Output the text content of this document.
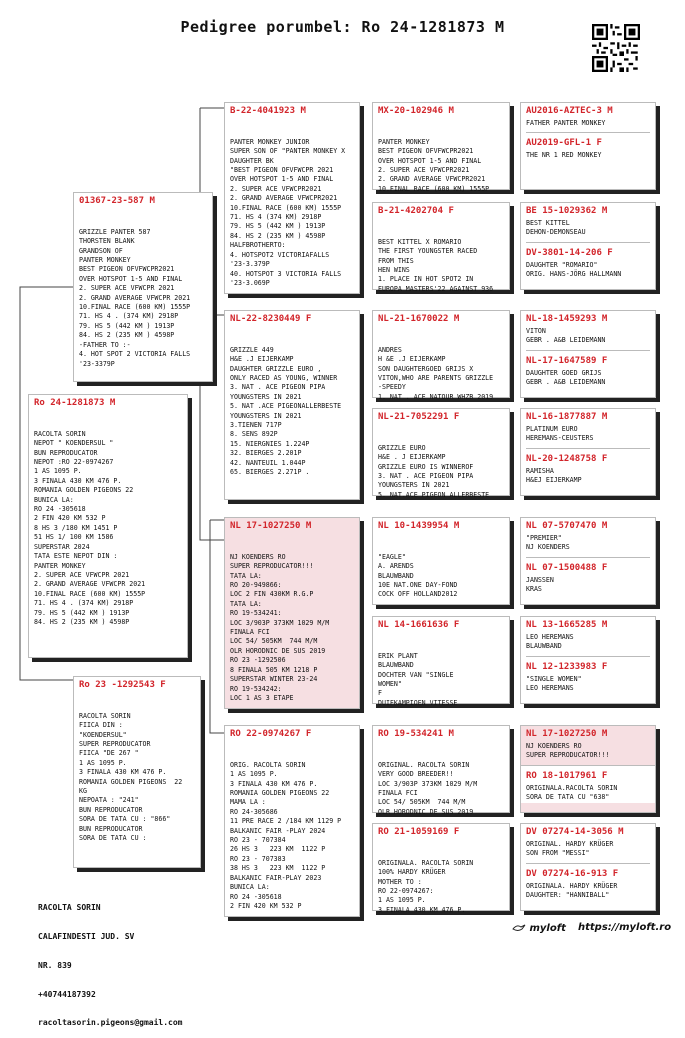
Pedigree porumbel: Ro 24-1281873 M
Ro 24-1281873 M

RACOLTA SORIN
NEPOT " KOENDERSUL "
BUN REPRODUCATOR
NEPOT :RO 22-0974267
1 AS 1095 P.
3 FINALA 430 KM 476 P.
ROMANIA GOLDEN PIGEONS 22
BUNICA LA:
RO 24 -305618
2 FIN 420 KM 532 P
8 HS 3 /180 KM 1451 P
51 HS 1/ 100 KM 1586
SUPERSTAR 2024
TATA ESTE NEPOT DIN :
PANTER MONKEY
2. SUPER ACE VFWCPR 2021
2. GRAND AVERAGE VFWCPR 2021
10.FINAL RACE (600 KM) 1555P
71. HS 4 . (374 KM) 2918P
79. HS 5 (442 KM ) 1913P
84. HS 2 (235 KM ) 4598P

01367-23-587 M

GRIZZLE PANTER 587
THORSTEN BLANK
GRANDSON OF
PANTER MONKEY
BEST PIGEON OFVFWCPR2021
OVER HOTSPOT 1-5 AND FINAL
2. SUPER ACE VFWCPR 2021
2. GRAND AVERAGE VFWCPR 2021
10.FINAL RACE (600 KM) 1555P
71. HS 4 . (374 KM) 2918P
79. HS 5 (442 KM ) 1913P
84. HS 2 (235 KM ) 4598P
-FATHER TO :-
4. HOT SPOT 2 VICTORIA FALLS
'23-3379P

Ro 23 -1292543 F

RACOLTA SORIN
FIICA DIN :
"KOENDERSUL"
SUPER REPRODUCATOR
FIICA "DE 267 "
1 AS 1095 P.
3 FINALA 430 KM 476 P.
ROMANIA GOLDEN PIGEONS  22
KG
NEPOATA : "241"
BUN REPRODUCATOR
SORA DE TATA CU : "866"
BUN REPRODUCATOR
SORA DE TATA CU :

B-22-4041923 M

PANTER MONKEY JUNIOR
SUPER SON OF "PANTER MONKEY X
DAUGHTER BK
"BEST PIGEON OFVFWCPR 2021
OVER HOTSPOT 1-5 AND FINAL
2. SUPER ACE VFWCPR2021
2. GRAND AVERAGE VFWCPR2021
10.FINAL RACE (600 KM) 1555P
71. HS 4 (374 KM) 2918P
79. HS 5 (442 KM ) 1913P
84. HS 2 (235 KM ) 4598P
HALFBROTHERTO:
4. HOTSPOT2 VICTORIAFALLS
'23-3.379P
40. HOTSPOT 3 VICTORIA FALLS
'23-3.069P

NL-22-8230449 F

GRIZZLE 449
H&E .J EIJERKAMP
DAUGHTER GRIZZLE EURO ,
ONLY RACED AS YOUNG, WINNER
3. NAT . ACE PIGEON PIPA
YOUNGSTERS IN 2021
5. NAT .ACE PIGEONALLERBESTE
YOUNGSTERS IN 2021
3.TIENEN 717P
8. SENS 892P
15. NIERGNIES 1.224P
32. BIERGES 2.201P
42. NANTEUIL 1.044P
65. BIERGES 2.271P .

NL 17-1027250 M

NJ KOENDERS RO
SUPER REPRODUCATOR!!!
TATA LA:
RO 20-949866:
LOC 2 FIN 430KM R.G.P
TATA LA:
RO 19-534241:
LOC 3/903P 373KM 1029 M/M
FINALA FCI
LOC 54/ 505KM  744 M/M
OLR HORODNIC DE SUS 2019
RO 23 -1292506
8 FINALA 505 KM 1218 P
SUPERSTAR WINTER 23-24
RO 19-534242:
LOC 1 AS 3 ETAPE

RO 22-0974267 F

ORIG. RACOLTA SORIN
1 AS 1095 P.
3 FINALA 430 KM 476 P.
ROMANIA GOLDEN PIGEONS 22
MAMA LA :
RO 24-305686
11 PRE RACE 2 /184 KM 1129 P
BALKANIC FAIR -PLAY 2024
RO 23 - 707384
26 HS 3   223 KM  1122 P
RO 23 - 707383
38 HS 3   223 KM  1122 P
BALKANIC FAIR-PLAY 2023
BUNICA LA:
RO 24 -305618
2 FIN 420 KM 532 P

MX-20-102946 M

PANTER MONKEY
BEST PIGEON OFVFWCPR2021
OVER HOTSPOT 1-5 AND FINAL
2. SUPER ACE VFWCPR2021
2. GRAND AVERAGE VFWCPR2021
10.FINAL RACE (600 KM) 1555P

B-21-4202704 F

BEST KITTEL X ROMARIO
THE FIRST YOUNGSTER RACED
FROM THIS
HEN WINS
1. PLACE IN HOT SPOT2 IN
EUROPA MASTERS'22 AGAINST 936

NL-21-1670022 M

ANDRES
H &E .J EIJERKAMP
SON DAUGHTERGOED GRIJS X
VITON,WHO ARE PARENTS GRIZZLE
-SPEEDY
1. NAT . ACE NATOUR WHZB 2019

NL-21-7052291 F

GRIZZLE EURO
H&E . J EIJERKAMP
GRIZZLE EURO IS WINNEROF
3. NAT . ACE PIGEON PIPA
YOUNGSTERS IN 2021
5. NAT.ACE PIGEON ALLERBESTE

NL 10-1439954 M

"EAGLE"
A. ARENDS
BLAUWBAND
10E NAT.ONE DAY-FOND
COCK OFF HOLLAND2012

NL 14-1661636 F

ERIK PLANT
BLAUWBAND
DOCHTER VAN "SINGLE
WOMEN"
F
DUIFKAMPIOEN VITESSE

RO 19-534241 M

ORIGINAL. RACOLTA SORIN
VERY GOOD BREEDER!!
LOC 3/903P 373KM 1029 M/M
FINALA FCI
LOC 54/ 505KM  744 M/M
OLR HORODNIC DE SUS 2019

RO 21-1059169 F

ORIGINALA. RACOLTA SORIN
100% HARDY KRÜGER
MOTHER TO :
RO 22-0974267:
1 AS 1095 P.
3 FINALA 430 KM 476 P.

AU2016-AZTEC-3 M
FATHER PANTER MONKEY
AU2019-GFL-1 F
THE NR 1 RED MONKEY
BE 15-1029362 M
BEST KITTEL
DEHON-DEMONSEAU
DV-3801-14-206 F
DAUGHTER "ROMARIO"
ORIG. HANS-JÖRG HALLMANN
NL-18-1459293 M
VITON
GEBR . A&B LEIDEMANN
NL-17-1647589 F
DAUGHTER GOED GRIJS
GEBR . A&B LEIDEMANN
NL-16-1877887 M
PLATINUM EURO
HEREMANS-CEUSTERS
NL-20-1248758 F
RAMISHA
H&EJ EIJERKAMP
NL 07-5707470 M
"PREMIER"
NJ KOENDERS
NL 07-1500488 F
JANSSEN
KRAS
NL 13-1665285 M
LEO HEREMANS
BLAUWBAND
NL 12-1233983 F
"SINGLE WOMEN"
LEO HEREMANS
NL 17-1027250 M
NJ KOENDERS RO
SUPER REPRODUCATOR!!!
RO 18-1017961 F
ORIGINALA.RACOLTA SORIN
SORA DE TATA CU "638"
DV 07274-14-3056 M
ORIGINAL. HARDY KRÜGER
SON FROM "MESSI"
DV 07274-16-913 F
ORIGINALA. HARDY KRÜGER
DAUGHTER: "HANNIBALL"

RACOLTA SORIN

CALAFINDESTI JUD. SV

NR. 839

+40744187392

racoltasorin.pigeons@gmail.com

myloft https://myloft.ro
